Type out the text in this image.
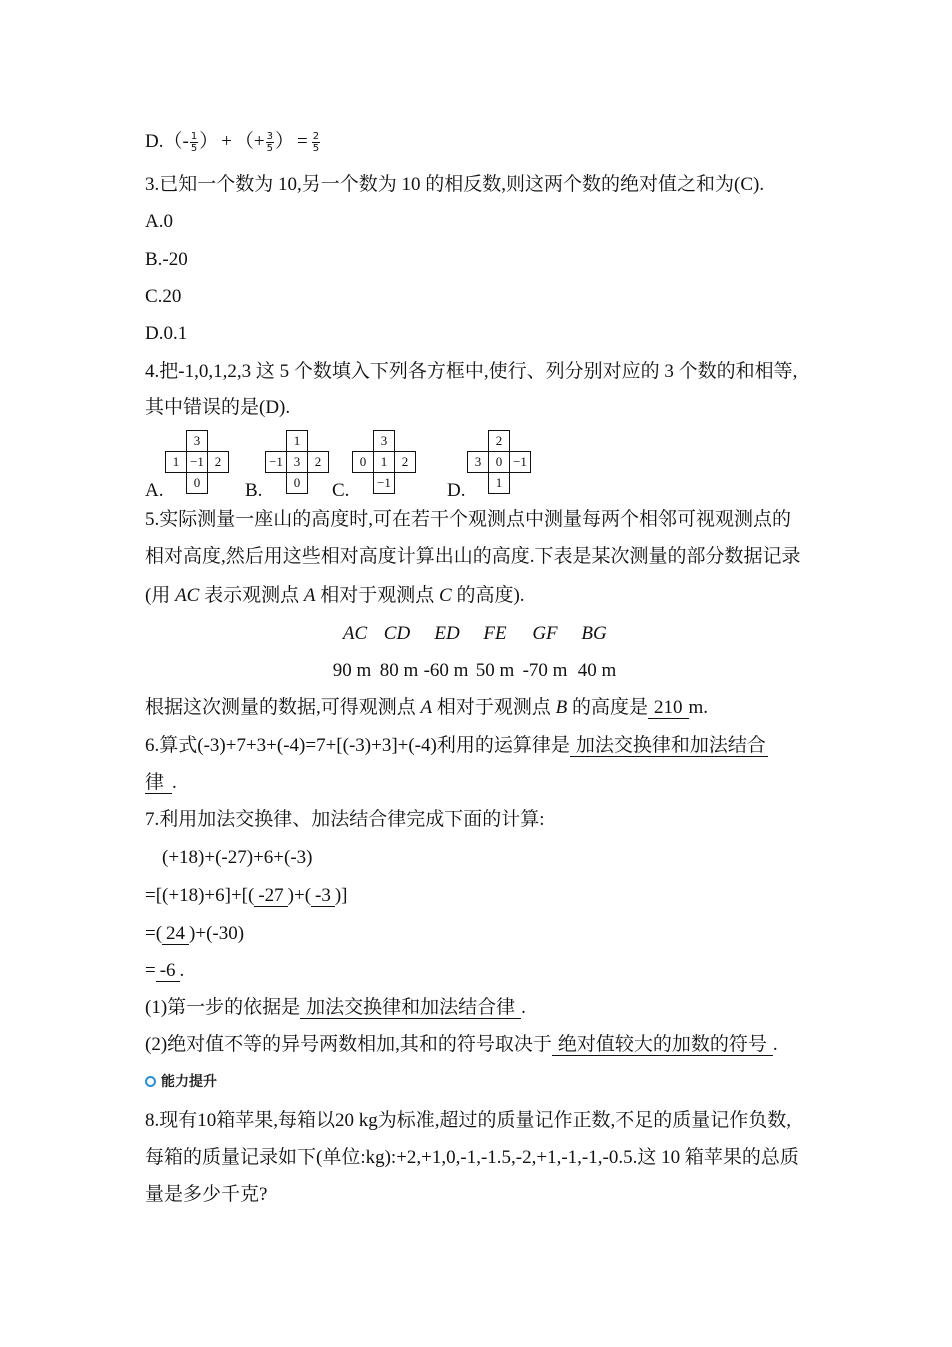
$D.(- \frac{1}{5}$ ） + （+ $\frac{3}{5}$ ） = $\frac{2}{5}$
3.已知一个数为 10,另一个数为 10 的相反数,则这两个数的绝对值之和为(C).
A.0
B.-20
C.20
D.0.1
4.把-1,0,1,2,3 这 5 个数填入下列各方框中,使行、列分别对应的 3 个数的和相等,
其中错误的是(D).
A.
3
1 −1 2
0	B.
1
−1 3	2
0	C.
3
0	1	2
−1	D.
2
3	0 −1
1
5.实际测量一座山的高度时,可在若干个观测点中测量每两个相邻可视观测点的
相对高度,然后用这些相对高度计算出山的高度.下表是某次测量的部分数据记录
(用 AC 表示观测点 A 相对于观测点 C 的高度).
AC CD ED FE GF BG
90 m 80 m -60 m 50 m -70 m 40 m
根据这次测量的数据,可得观测点 A 相对于观测点 B 的高度是 210 m.
6.算式(-3)+7+3+(-4)=7+[(-3)+3]+(-4)利用的运算律是 加法交换律和加法结合
律 .
7.利用加法交换律、加法结合律完成下面的计算:
(+18)+(-27)+6+(-3)
=[(+18)+6]+[( -27 )+( -3 )]
=( 24 )+(-30)
= -6 .
(1)第一步的依据是 加法交换律和加法结合律 .
(2)绝对值不等的异号两数相加,其和的符号取决于 绝对值较大的加数的符号 .
能力提升
8.现有10箱苹果,每箱以20 kg为标准,超过的质量记作正数,不足的质量记作负数,
每箱的质量记录如下(单位:kg):+2,+1,0,-1,-1.5,-2,+1,-1,-1,-0.5.这 10 箱苹果的总质
量是多少千克?
